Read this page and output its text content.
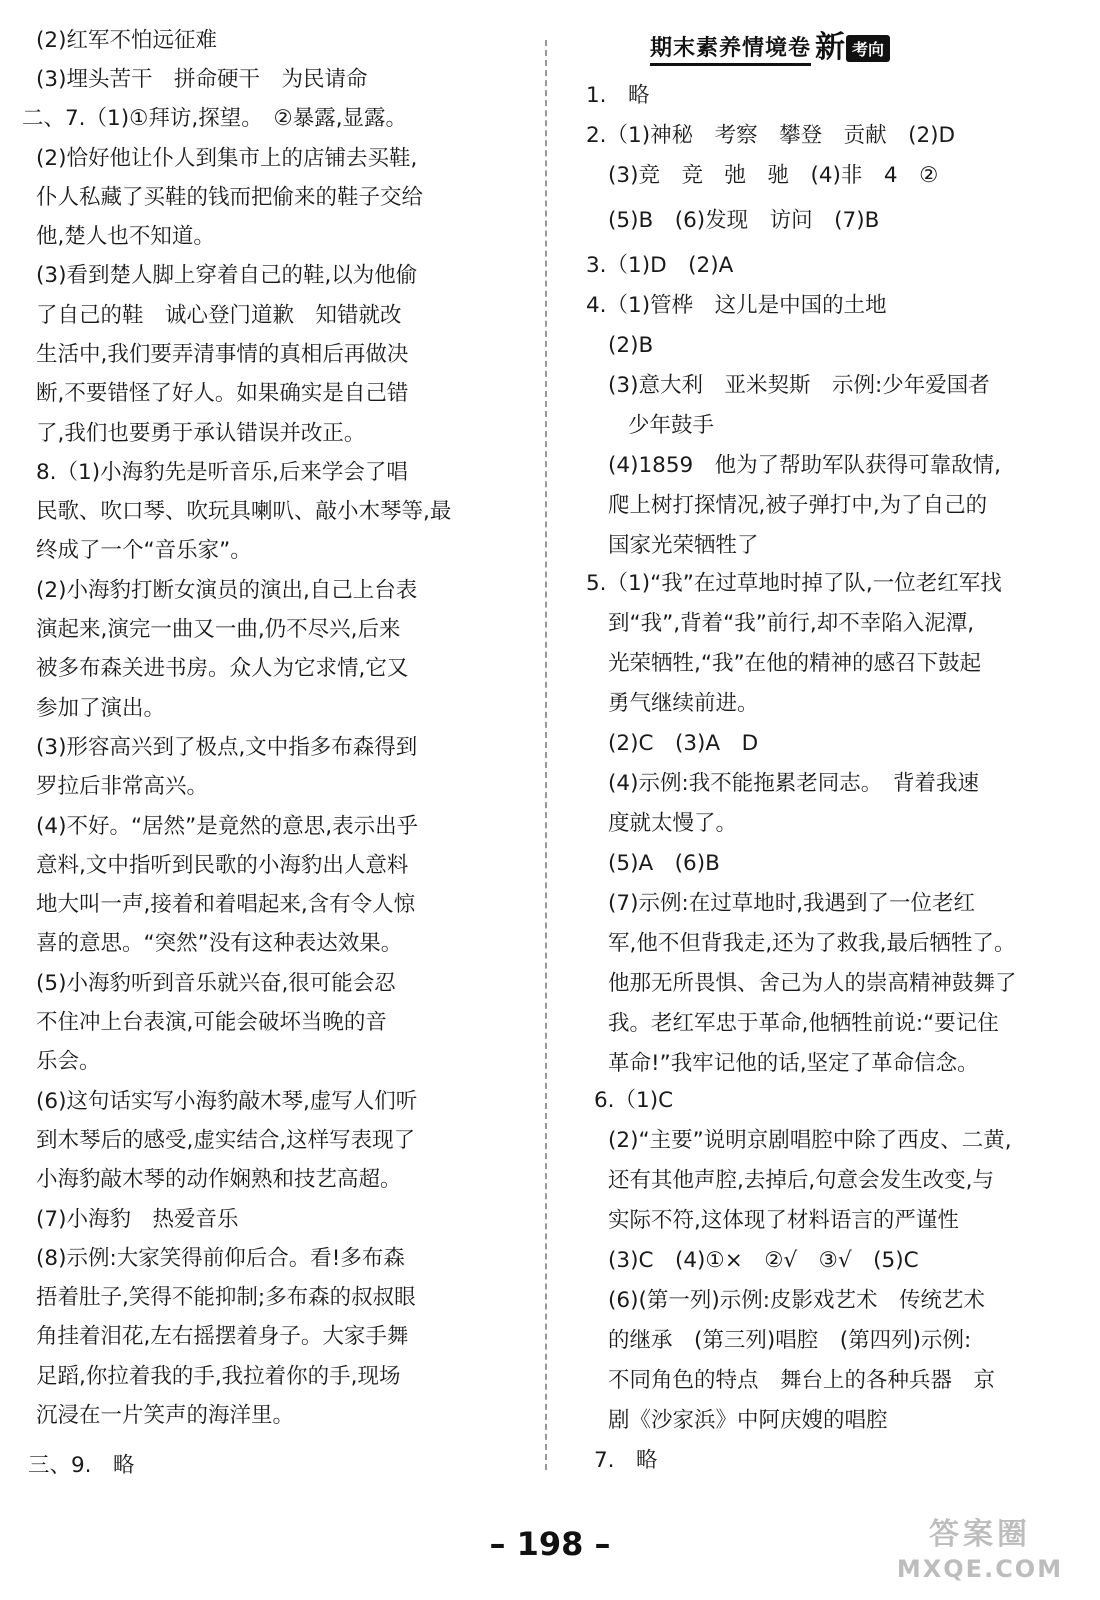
(2)红军不怕远征难
(3)埋头苦干　拼命硬干　为民请命
二、7.（1)①拜访,探望。　②暴露,显露。
(2)恰好他让仆人到集市上的店铺去买鞋,
仆人私藏了买鞋的钱而把偷来的鞋子交给
他,楚人也不知道。
(3)看到楚人脚上穿着自己的鞋,以为他偷
了自己的鞋　诚心登门道歉　知错就改
生活中,我们要弄清事情的真相后再做决
断,不要错怪了好人。如果确实是自己错
了,我们也要勇于承认错误并改正。
8.（1)小海豹先是听音乐,后来学会了唱
民歌、吹口琴、吹玩具喇叭、敲小木琴等,最
终成了一个“音乐家”。
(2)小海豹打断女演员的演出,自己上台表
演起来,演完一曲又一曲,仍不尽兴,后来
被多布森关进书房。众人为它求情,它又
参加了演出。
(3)形容高兴到了极点,文中指多布森得到
罗拉后非常高兴。
(4)不好。“居然”是竟然的意思,表示出乎
意料,文中指听到民歌的小海豹出人意料
地大叫一声,接着和着唱起来,含有令人惊
喜的意思。“突然”没有这种表达效果。
(5)小海豹听到音乐就兴奋,很可能会忍
不住冲上台表演,可能会破坏当晚的音
乐会。
(6)这句话实写小海豹敲木琴,虚写人们听
到木琴后的感受,虚实结合,这样写表现了
小海豹敲木琴的动作娴熟和技艺高超。
(7)小海豹　热爱音乐
(8)示例:大家笑得前仰后合。看!多布森
捂着肚子,笑得不能抑制;多布森的叔叔眼
角挂着泪花,左右摇摆着身子。大家手舞
足蹈,你拉着我的手,我拉着你的手,现场
沉浸在一片笑声的海洋里。
三、9.　略
期末素养情境卷 新 考向
1.　略
2.（1)神秘　考察　攀登　贡献　(2)D
(3)竞　竞　弛　驰　(4)非　4　②
(5)B　(6)发现　访问　(7)B
3.（1)D　(2)A
4.（1)管桦　这儿是中国的土地
(2)B
(3)意大利　亚米契斯　示例:少年爱国者
少年鼓手
(4)1859　他为了帮助军队获得可靠敌情,
爬上树打探情况,被子弹打中,为了自己的
国家光荣牺牲了
5.（1)“我”在过草地时掉了队,一位老红军找
到“我”,背着“我”前行,却不幸陷入泥潭,
光荣牺牲,“我”在他的精神的感召下鼓起
勇气继续前进。
(2)C　(3)A　D
(4)示例:我不能拖累老同志。　背着我速
度就太慢了。
(5)A　(6)B
(7)示例:在过草地时,我遇到了一位老红
军,他不但背我走,还为了救我,最后牺牲了。
他那无所畏惧、舍己为人的崇高精神鼓舞了
我。老红军忠于革命,他牺牲前说:“要记住
革命!”我牢记他的话,坚定了革命信念。
6.（1)C
(2)“主要”说明京剧唱腔中除了西皮、二黄,
还有其他声腔,去掉后,句意会发生改变,与
实际不符,这体现了材料语言的严谨性
(3)C　(4)①×　②√　③√　(5)C
(6)(第一列)示例:皮影戏艺术　传统艺术
的继承　(第三列)唱腔　(第四列)示例:
不同角色的特点　舞台上的各种兵器　京
剧《沙家浜》中阿庆嫂的唱腔
7.　略
– 198 –	答案圈
MXQE.COM
